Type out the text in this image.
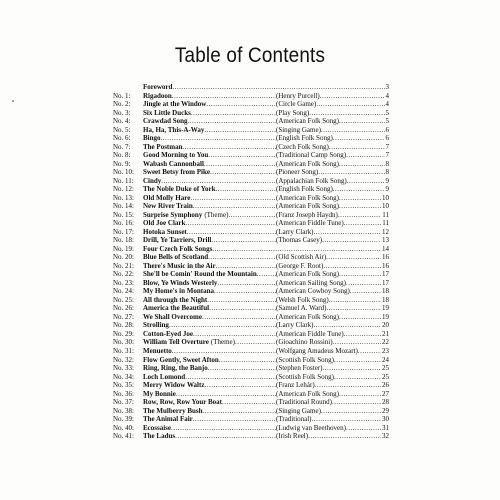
Table of Contents
Foreword .....	3
No. 1:	Rigadoon .....	(Henry Purcell) .....	4
No. 2:	Jingle at the Window .....	(Circle Game) .....	4
No. 3:	Six Little Ducks .....	(Play Song) .....	5
No. 4:	Crawdad Song .....	(American Folk Song) .....	5
No. 5:	Ha, Ha, This-A-Way .....	(Singing Game) .....	6
No. 6:	Bingo .....	(English Folk Song) .....	6
No. 7:	The Postman .....	(Czech Folk Song) .....	7
No. 8:	Good Morning to You .....	(Traditional Camp Song) .....	7
No. 9:	Wabash Cannonball .....	(American Folk Song) .....	8
No. 10:	Sweet Betsy from Pike .....	(Pioneer Song) .....	8
No. 11:	Cindy .....	(Appalachian Folk Song) .....	9
No. 12:	The Noble Duke of York .....	(English Folk Song) .....	9
No. 13:	Old Molly Hare .....	(American Folk Song) .....	10
No. 14:	New River Train .....	(American Folk Song) .....	10
No. 15:	Surprise Symphony (Theme) .....	(Franz Joseph Haydn) .....	11
No. 16:	Old Joe Clark .....	(American Fiddle Tune) .....	11
No. 17:	Hotoka Sunset .....	(Larry Clark) .....	12
No. 18:	Drill, Ye Tarriers, Drill .....	(Thomas Casey) .....	13
No. 19:	Four Czech Folk Songs .....	14
No. 20:	Blue Bells of Scotland .....	(Old Scottish Air) .....	16
No. 21:	There's Music in the Air .....	(George F. Root) .....	16
No. 22:	She'll be Comin' Round the Mountain .....	(American Folk Song) .....	17
No. 23:	Blow, Ye Winds Westerly .....	(American Sailing Song) .....	17
No. 24:	My Home's in Montana .....	(American Cowboy Song) .....	18
No. 25:	All through the Night .....	(Welsh Folk Song) .....	18
No. 26:	America the Beautiful .....	(Samuel A. Ward) .....	19
No. 27:	We Shall Overcome .....	(American Folk Song) .....	19
No. 28:	Strolling .....	(Larry Clark) .....	20
No. 29:	Cotton-Eyed Joe .....	(American Fiddle Tune) .....	21
No. 30:	William Tell Overture (Theme) .....	(Gioachino Rossini) .....	22
No. 31:	Menuetto .....	(Wolfgang Amadeus Mozart) .....	23
No. 32:	Flow Gently, Sweet Afton .....	(Scottish Folk Song) .....	24
No. 33:	Ring, Ring, the Banjo .....	(Stephen Foster) .....	25
No. 34:	Loch Lomond .....	(Scottish Folk Song) .....	25
No. 35:	Merry Widow Waltz .....	(Franz Lehár) .....	26
No. 36:	My Bonnie .....	(American Folk Song) .....	27
No. 37:	Row, Row, Row Your Boat .....	(Traditional Round) .....	28
No. 38:	The Mulberry Bush .....	(Singing Game) .....	29
No. 39:	The Animal Fair .....	(Traditional) .....	30
No. 40:	Ecossaise .....	(Ludwig van Beethoven) .....	31
No. 41:	The Ladus .....	(Irish Reel) .....	32
